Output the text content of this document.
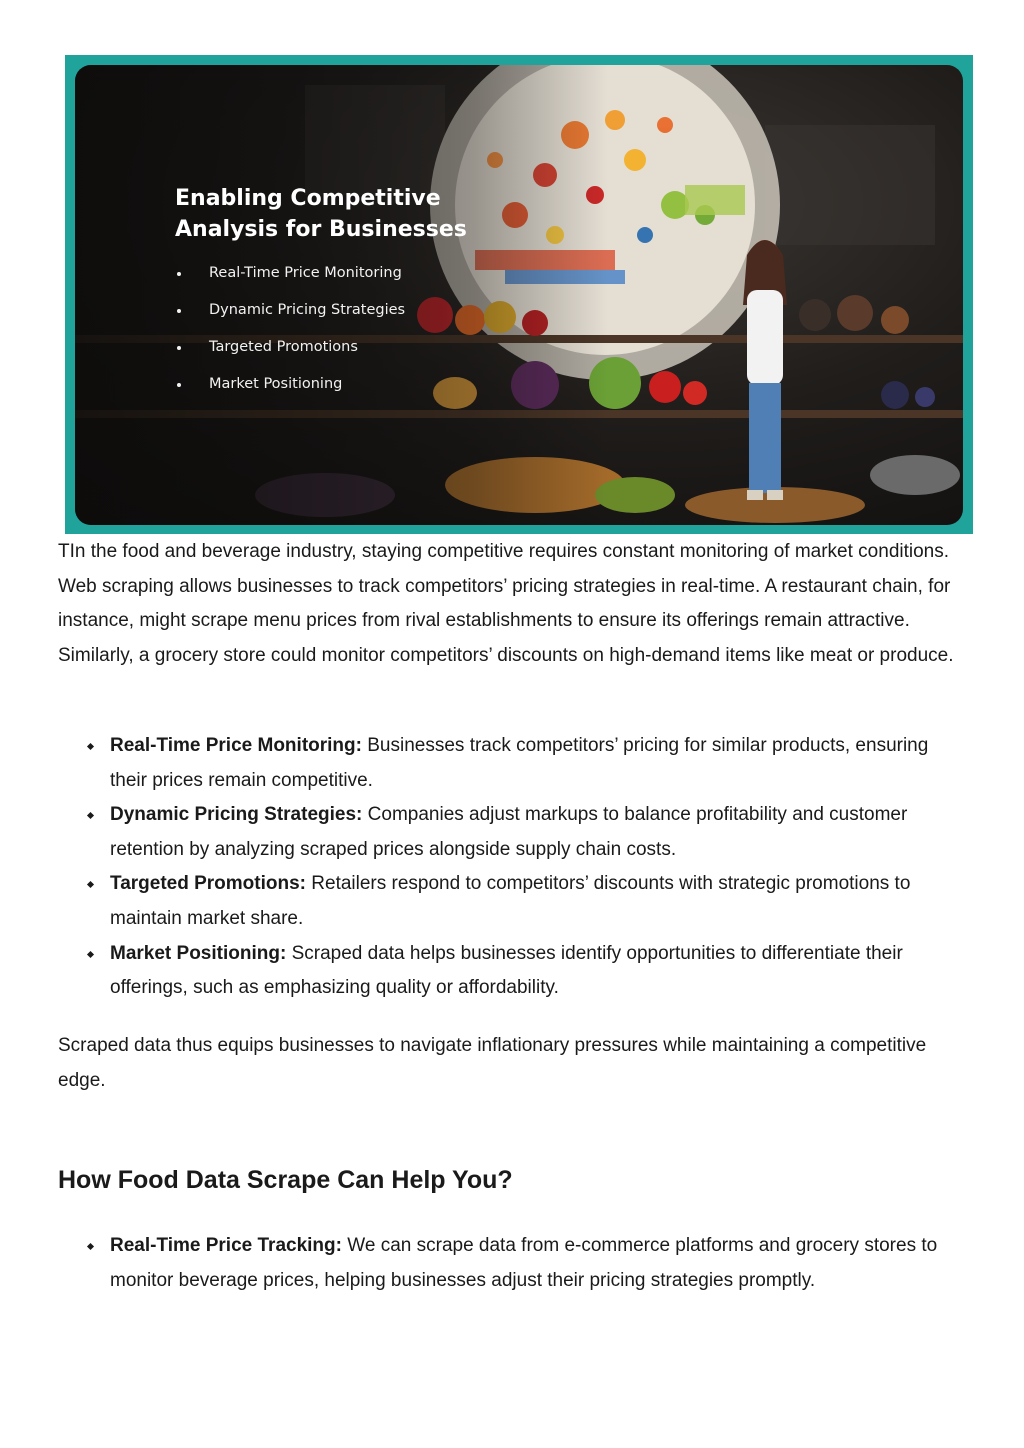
Enabling Competitive
Analysis for Businesses
Real-Time Price Monitoring
Dynamic Pricing Strategies
Targeted Promotions
Market Positioning

TIn the food and beverage industry, staying competitive requires constant monitoring of market conditions. Web scraping allows businesses to track competitors’ pricing strategies in real-time. A restaurant chain, for instance, might scrape menu prices from rival establishments to ensure its offerings remain attractive. Similarly, a grocery store could monitor competitors’ discounts on high-demand items like meat or produce.

Real-Time Price Monitoring: Businesses track competitors’ pricing for similar products, ensuring their prices remain competitive.
Dynamic Pricing Strategies: Companies adjust markups to balance profitability and customer retention by analyzing scraped prices alongside supply chain costs.
Targeted Promotions: Retailers respond to competitors’ discounts with strategic promotions to maintain market share.
Market Positioning: Scraped data helps businesses identify opportunities to differentiate their offerings, such as emphasizing quality or affordability.

Scraped data thus equips businesses to navigate inflationary pressures while maintaining a competitive edge.

How Food Data Scrape Can Help You?
Real-Time Price Tracking: We can scrape data from e-commerce platforms and grocery stores to monitor beverage prices, helping businesses adjust their pricing strategies promptly.
